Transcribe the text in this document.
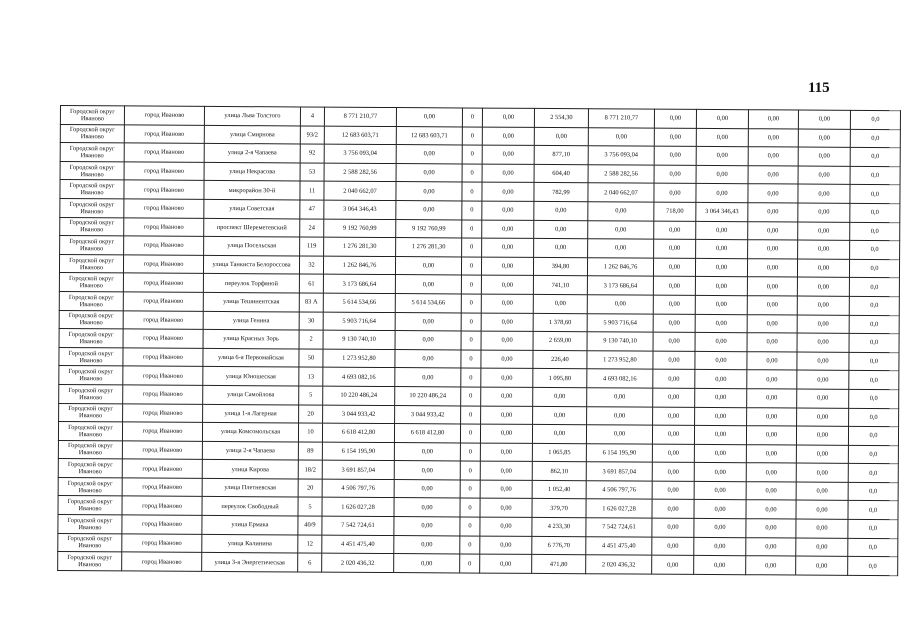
115
Городской округ Иваново	город Иваново	улица Льва Толстого	4	8 771 210,77	0,00	0	0,00	2 554,30	8 771 210,77	0,00	0,00	0,00	0,00	0,0
Городской округ Иваново	город Иваново	улица Смирнова	93/2	12 683 603,71	12 683 603,71	0	0,00	0,00	0,00	0,00	0,00	0,00	0,00	0,0
Городской округ Иваново	город Иваново	улица 2-я Чапаева	92	3 756 093,04	0,00	0	0,00	877,10	3 756 093,04	0,00	0,00	0,00	0,00	0,0
Городской округ Иваново	город Иваново	улица Некрасова	53	2 588 282,56	0,00	0	0,00	604,40	2 588 282,56	0,00	0,00	0,00	0,00	0,0
Городской округ Иваново	город Иваново	микрорайон 30-й	11	2 040 662,07	0,00	0	0,00	782,99	2 040 662,07	0,00	0,00	0,00	0,00	0,0
Городской округ Иваново	город Иваново	улица Советская	47	3 064 346,43	0,00	0	0,00	0,00	0,00	718,00	3 064 346,43	0,00	0,00	0,0
Городской округ Иваново	город Иваново	проспект Шереметевский	24	9 192 760,99	9 192 760,99	0	0,00	0,00	0,00	0,00	0,00	0,00	0,00	0,0
Городской округ Иваново	город Иваново	улица Посельская	119	1 276 281,30	1 276 281,30	0	0,00	0,00	0,00	0,00	0,00	0,00	0,00	0,0
Городской округ Иваново	город Иваново	улица Танкиста Белороссова	32	1 262 846,76	0,00	0	0,00	394,80	1 262 846,76	0,00	0,00	0,00	0,00	0,0
Городской округ Иваново	город Иваново	переулок Торфяной	61	3 173 686,64	0,00	0	0,00	741,10	3 173 686,64	0,00	0,00	0,00	0,00	0,0
Городской округ Иваново	город Иваново	улица Тешинентская	83 А	5 614 534,66	5 614 534,66	0	0,00	0,00	0,00	0,00	0,00	0,00	0,00	0,0
Городской округ Иваново	город Иваново	улица Генина	30	5 903 716,64	0,00	0	0,00	1 378,60	5 903 716,64	0,00	0,00	0,00	0,00	0,0
Городской округ Иваново	город Иваново	улица Красных Зорь	2	9 130 740,10	0,00	0	0,00	2 659,00	9 130 740,10	0,00	0,00	0,00	0,00	0,0
Городской округ Иваново	город Иваново	улица 6-я Первомайская	50	1 273 952,80	0,00	0	0,00	226,40	1 273 952,80	0,00	0,00	0,00	0,00	0,0
Городской округ Иваново	город Иваново	улица Юношеская	13	4 693 082,16	0,00	0	0,00	1 095,80	4 693 082,16	0,00	0,00	0,00	0,00	0,0
Городской округ Иваново	город Иваново	улица Самойлова	5	10 220 486,24	10 220 486,24	0	0,00	0,00	0,00	0,00	0,00	0,00	0,00	0,0
Городской округ Иваново	город Иваново	улица 1-я Лагерная	20	3 044 933,42	3 044 933,42	0	0,00	0,00	0,00	0,00	0,00	0,00	0,00	0,0
Городской округ Иваново	город Иваново	улица Комсомольская	10	6 618 412,80	6 618 412,80	0	0,00	0,00	0,00	0,00	0,00	0,00	0,00	0,0
Городской округ Иваново	город Иваново	улица 2-я Чапаева	89	6 154 195,90	0,00	0	0,00	1 065,85	6 154 195,90	0,00	0,00	0,00	0,00	0,0
Городской округ Иваново	город Иваново	улица Кирова	18/2	3 691 857,04	0,00	0	0,00	862,10	3 691 857,04	0,00	0,00	0,00	0,00	0,0
Городской округ Иваново	город Иваново	улица Плетневская	20	4 506 797,76	0,00	0	0,00	1 052,40	4 506 797,76	0,00	0,00	0,00	0,00	0,0
Городской округ Иваново	город Иваново	переулок Свободный	5	1 626 027,28	0,00	0	0,00	379,70	1 626 027,28	0,00	0,00	0,00	0,00	0,0
Городской округ Иваново	город Иваново	улица Ермака	40/9	7 542 724,61	0,00	0	0,00	4 233,30	7 542 724,61	0,00	0,00	0,00	0,00	0,0
Городской округ Иваново	город Иваново	улица Калинина	12	4 451 475,40	0,00	0	0,00	6 776,70	4 451 475,40	0,00	0,00	0,00	0,00	0,0
Городской округ Иваново	город Иваново	улица 3-я Энергетическая	6	2 020 436,32	0,00	0	0,00	471,80	2 020 436,32	0,00	0,00	0,00	0,00	0,0
